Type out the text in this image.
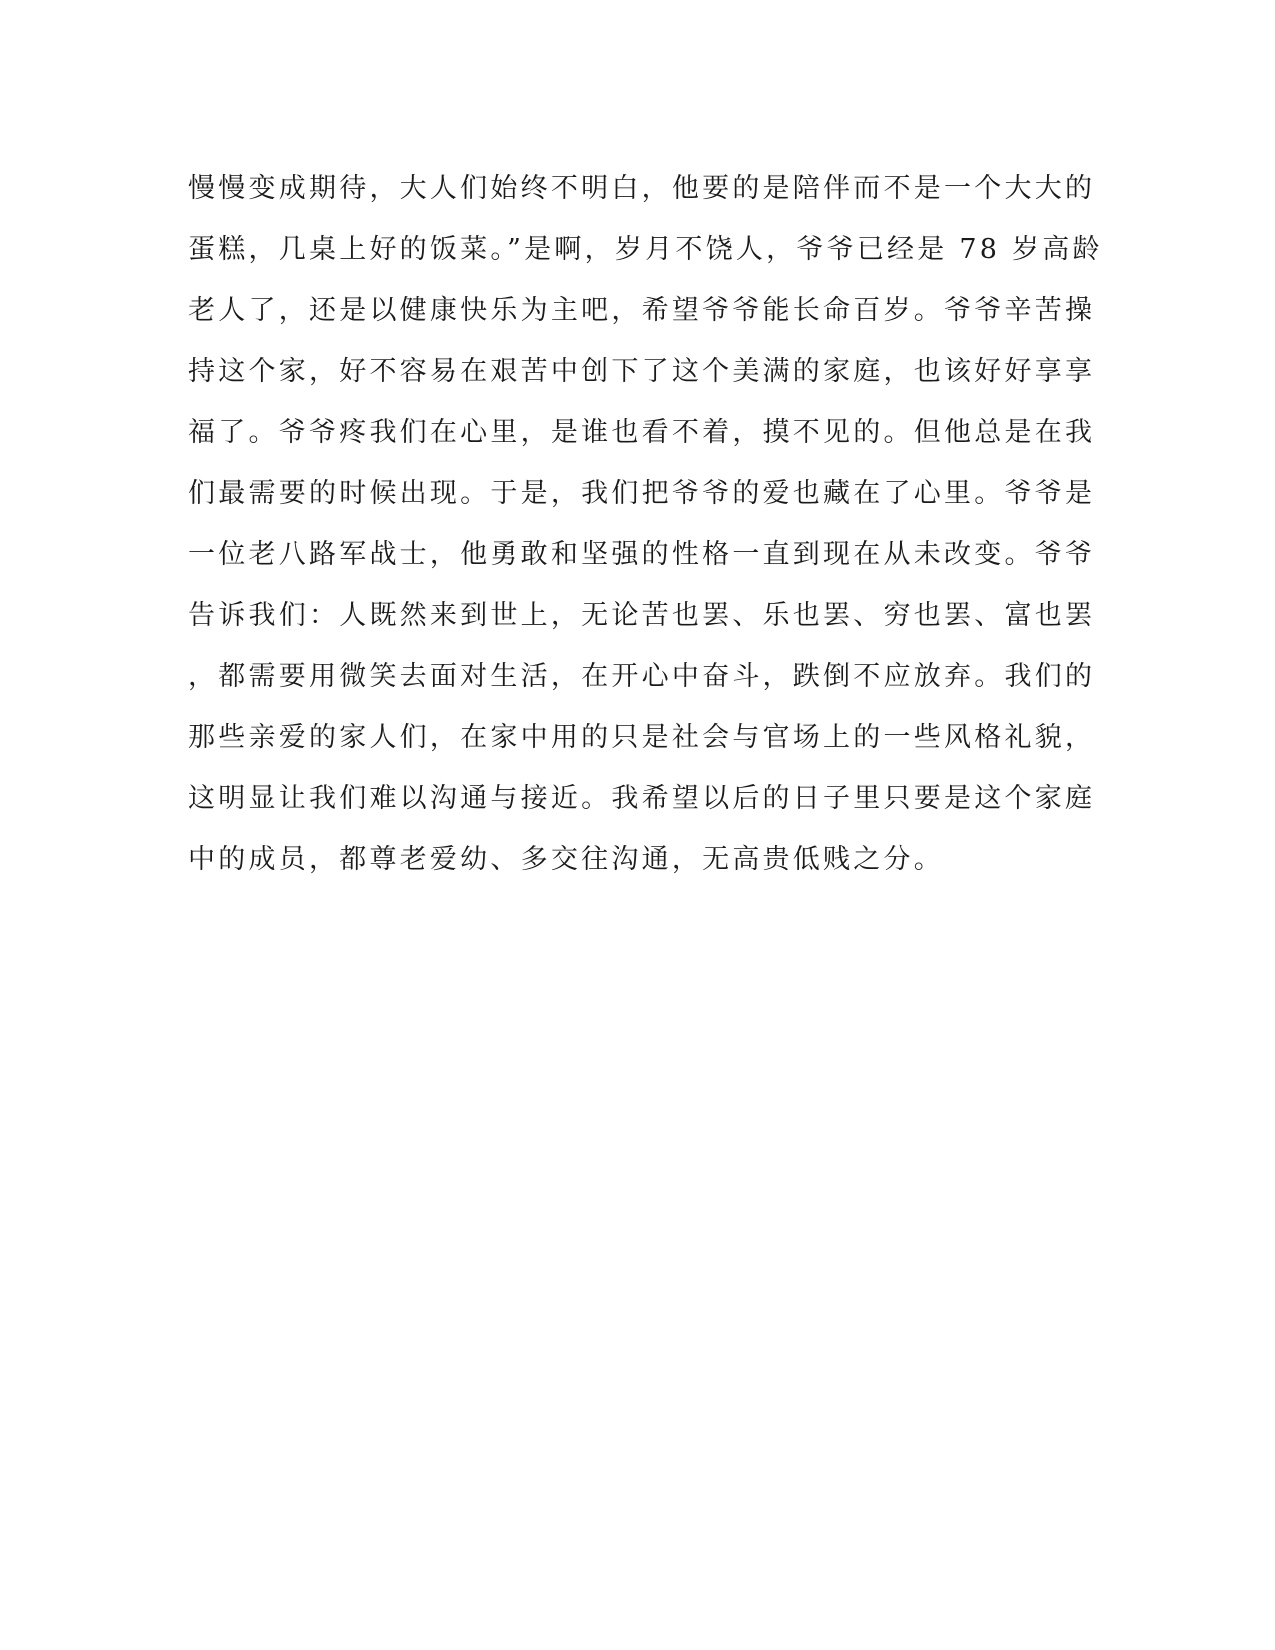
慢慢变成期待，大人们始终不明白，他要的是陪伴而不是一个大大的
蛋糕，几桌上好的饭菜。”是啊，岁月不饶人，爷爷已经是 78 岁高龄
老人了，还是以健康快乐为主吧，希望爷爷能长命百岁。爷爷辛苦操
持这个家，好不容易在艰苦中创下了这个美满的家庭，也该好好享享
福了。爷爷疼我们在心里，是谁也看不着，摸不见的。但他总是在我
们最需要的时候出现。于是，我们把爷爷的爱也藏在了心里。爷爷是
一位老八路军战士，他勇敢和坚强的性格一直到现在从未改变。爷爷
告诉我们：人既然来到世上，无论苦也罢、乐也罢、穷也罢、富也罢
，都需要用微笑去面对生活，在开心中奋斗，跌倒不应放弃。我们的
那些亲爱的家人们，在家中用的只是社会与官场上的一些风格礼貌，
这明显让我们难以沟通与接近。我希望以后的日子里只要是这个家庭
中的成员，都尊老爱幼、多交往沟通，无高贵低贱之分。
